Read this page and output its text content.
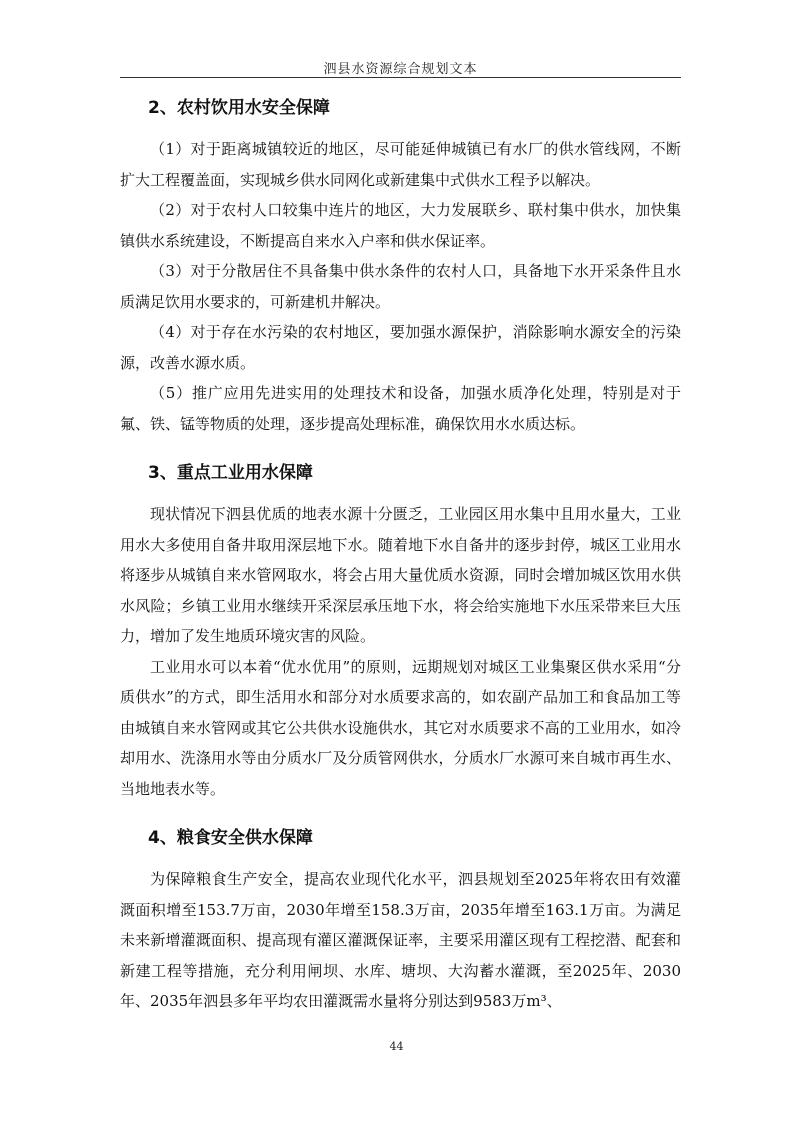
泗县水资源综合规划文本
2、农村饮用水安全保障

（1）对于距离城镇较近的地区，尽可能延伸城镇已有水厂的供水管线网，不断扩大工程覆盖面，实现城乡供水同网化或新建集中式供水工程予以解决。

（2）对于农村人口较集中连片的地区，大力发展联乡、联村集中供水，加快集镇供水系统建设，不断提高自来水入户率和供水保证率。

（3）对于分散居住不具备集中供水条件的农村人口，具备地下水开采条件且水质满足饮用水要求的，可新建机井解决。

（4）对于存在水污染的农村地区，要加强水源保护，消除影响水源安全的污染源，改善水源水质。

（5）推广应用先进实用的处理技术和设备，加强水质净化处理，特别是对于氟、铁、锰等物质的处理，逐步提高处理标准，确保饮用水水质达标。

3、重点工业用水保障

现状情况下泗县优质的地表水源十分匮乏，工业园区用水集中且用水量大，工业用水大多使用自备井取用深层地下水。随着地下水自备井的逐步封停，城区工业用水将逐步从城镇自来水管网取水，将会占用大量优质水资源，同时会增加城区饮用水供水风险；乡镇工业用水继续开采深层承压地下水，将会给实施地下水压采带来巨大压力，增加了发生地质环境灾害的风险。

工业用水可以本着“优水优用”的原则，远期规划对城区工业集聚区供水采用“分质供水”的方式，即生活用水和部分对水质要求高的，如农副产品加工和食品加工等由城镇自来水管网或其它公共供水设施供水，其它对水质要求不高的工业用水，如冷却用水、洗涤用水等由分质水厂及分质管网供水，分质水厂水源可来自城市再生水、当地地表水等。

4、粮食安全供水保障

为保障粮食生产安全，提高农业现代化水平，泗县规划至2025年将农田有效灌溉面积增至153.7万亩，2030年增至158.3万亩，2035年增至163.1万亩。为满足未来新增灌溉面积、提高现有灌区灌溉保证率，主要采用灌区现有工程挖潜、配套和新建工程等措施，充分利用闸坝、水库、塘坝、大沟蓄水灌溉，至2025年、2030年、2035年泗县多年平均农田灌溉需水量将分别达到9583万m³、

44
